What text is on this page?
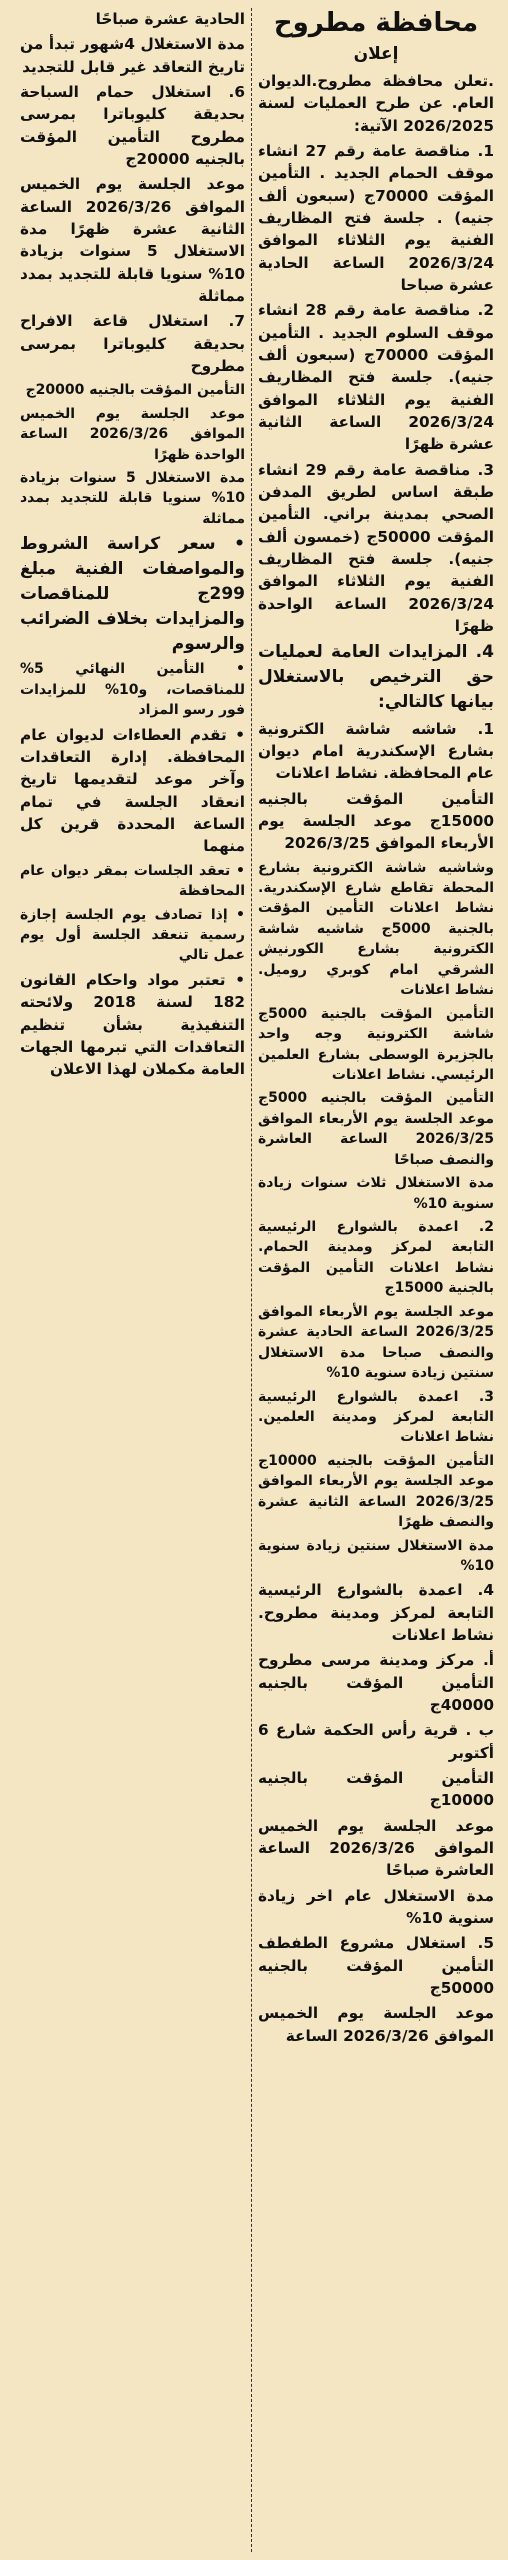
محافظة مطروح
إعلان

.تعلن محافظة مطروح.الديوان العام. عن طرح العمليات لسنة 2026/2025 الآتية:

1. مناقصة عامة رقم 27 انشاء موقف الحمام الجديد . التأمين المؤقت 70000ج (سبعون ألف جنيه) . جلسة فتح المظاريف الفنية يوم الثلاثاء الموافق 2026/3/24 الساعة الحادية عشرة صباحا

2. مناقصة عامة رقم 28 انشاء موقف السلوم الجديد . التأمين المؤقت 70000ج (سبعون ألف جنيه). جلسة فتح المظاريف الفنية يوم الثلاثاء الموافق 2026/3/24 الساعة الثانية عشرة ظهرًا

3. مناقصة عامة رقم 29 انشاء طبقة اساس لطريق المدفن الصحي بمدينة براني. التأمين المؤقت 50000ج (خمسون ألف جنيه). جلسة فتح المظاريف الفنية يوم الثلاثاء الموافق 2026/3/24 الساعة الواحدة ظهرًا

4. المزايدات العامة لعمليات حق الترخيص بالاستغلال بيانها كالتالي:

1. شاشه شاشة الكترونية بشارع الإسكندرية امام ديوان عام المحافظة. نشاط اعلانات

التأمين المؤقت بالجنيه 15000ج موعد الجلسة يوم الأربعاء الموافق 2026/3/25

وشاشيه شاشة الكترونية بشارع المحطة تقاطع شارع الإسكندرية. نشاط اعلانات التأمين المؤقت بالجنية 5000ج شاشيه شاشة الكترونية بشارع الكورنيش الشرقي امام كوبري روميل. نشاط اعلانات

التأمين المؤقت بالجنية 5000ج شاشة الكترونية وجه واحد بالجزيرة الوسطى بشارع العلمين الرئيسي. نشاط اعلانات

التأمين المؤقت بالجنيه 5000ج موعد الجلسة يوم الأربعاء الموافق 2026/3/25 الساعة العاشرة والنصف صباحًا

مدة الاستغلال ثلاث سنوات زيادة سنوية 10%

2. اعمدة بالشوارع الرئيسية التابعة لمركز ومدينة الحمام. نشاط اعلانات التأمين المؤقت بالجنية 15000ج

موعد الجلسة يوم الأربعاء الموافق 2026/3/25 الساعة الحادية عشرة والنصف صباحا مدة الاستغلال سنتين زيادة سنوية 10%

3. اعمدة بالشوارع الرئيسية التابعة لمركز ومدينة العلمين. نشاط اعلانات

التأمين المؤقت بالجنيه 10000ج موعد الجلسة يوم الأربعاء الموافق 2026/3/25 الساعة الثانية عشرة والنصف ظهرًا

مدة الاستغلال سنتين زيادة سنوية 10%

4. اعمدة بالشوارع الرئيسية التابعة لمركز ومدينة مطروح. نشاط اعلانات

أ. مركز ومدينة مرسى مطروح التأمين المؤقت بالجنيه 40000ج

ب . قرية رأس الحكمة شارع 6 أكتوبر

التأمين المؤقت بالجنيه 10000ج

موعد الجلسة يوم الخميس الموافق 2026/3/26 الساعة العاشرة صباحًا

مدة الاستغلال عام اخر زيادة سنوية 10%

5. استغلال مشروع الطفطف التأمين المؤقت بالجنيه 50000ج

موعد الجلسة يوم الخميس الموافق 2026/3/26 الساعة

الحادية عشرة صباحًا

مدة الاستغلال 4شهور تبدأ من تاريخ التعاقد غير قابل للتجديد

6. استغلال حمام السباحة بحديقة كليوباترا بمرسى مطروح التأمين المؤقت بالجنيه 20000ج

موعد الجلسة يوم الخميس الموافق 2026/3/26 الساعة الثانية عشرة ظهرًا مدة الاستغلال 5 سنوات بزيادة 10% سنويا قابلة للتجديد بمدد مماثلة

7. استغلال قاعة الافراح بحديقة كليوباترا بمرسى مطروح

التأمين المؤقت بالجنيه 20000ج

موعد الجلسة يوم الخميس الموافق 2026/3/26 الساعة الواحدة ظهرًا

مدة الاستغلال 5 سنوات بزيادة 10% سنويا قابلة للتجديد بمدد مماثلة

• سعر كراسة الشروط والمواصفات الفنية مبلغ 299ج للمناقصات والمزايدات بخلاف الضرائب والرسوم

• التأمين النهائي 5% للمناقصات، و10% للمزايدات فور رسو المزاد

• تقدم العطاءات لديوان عام المحافظة. إدارة التعاقدات وآخر موعد لتقديمها تاريخ انعقاد الجلسة في تمام الساعة المحددة قرين كل منهما

• تعقد الجلسات بمقر ديوان عام المحافظة

• إذا تصادف يوم الجلسة إجازة رسمية تنعقد الجلسة أول يوم عمل تالي

• تعتبر مواد واحكام القانون 182 لسنة 2018 ولائحته التنفيذية بشأن تنظيم التعاقدات التي تبرمها الجهات العامة مكملان لهذا الاعلان
